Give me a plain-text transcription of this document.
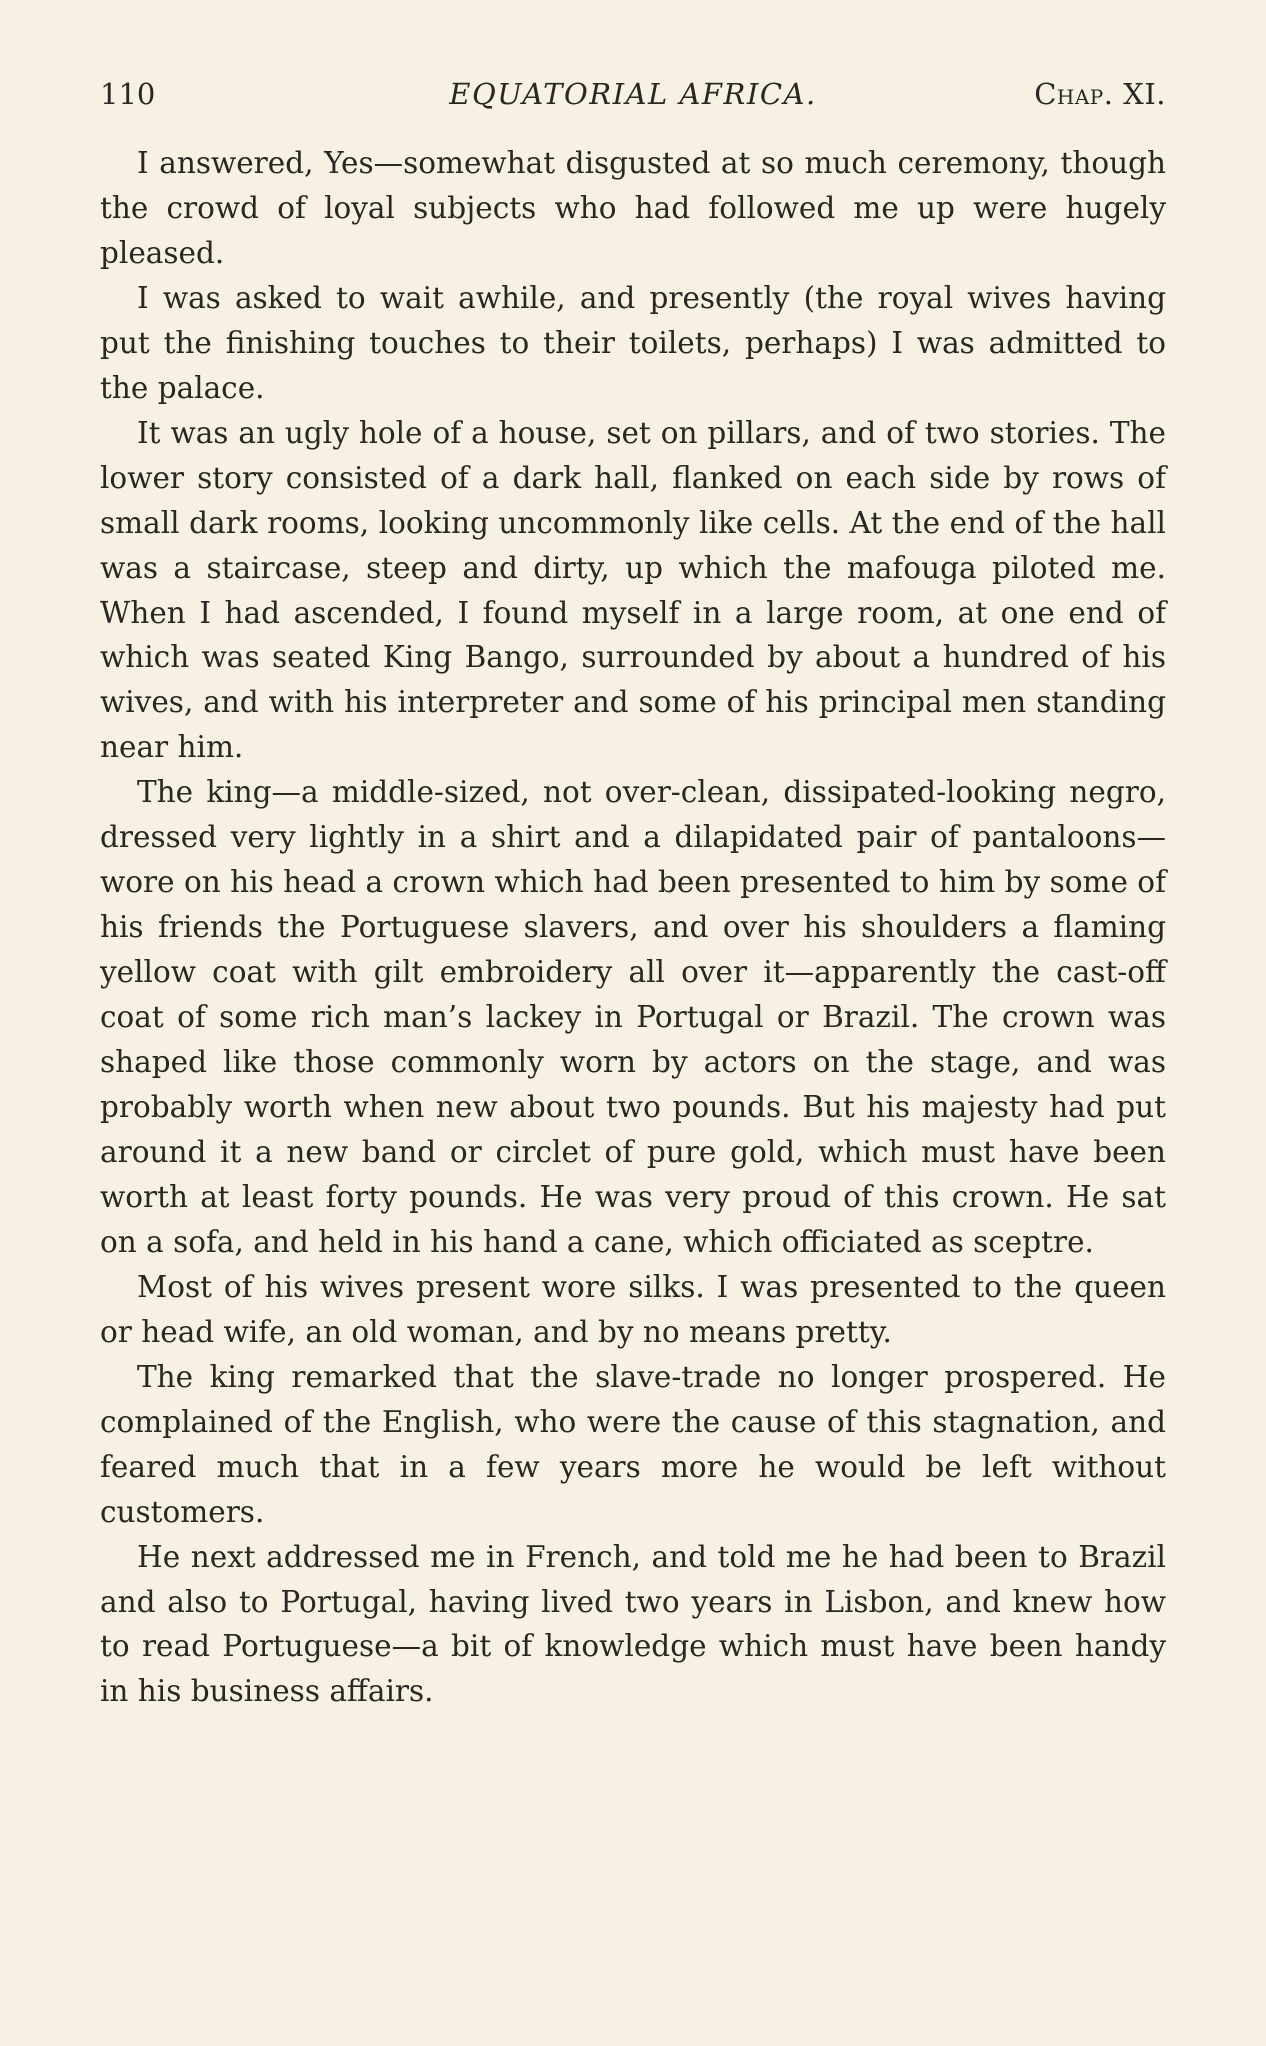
110	EQUATORIAL AFRICA.	Chap. XI.

I answered, Yes—somewhat disgusted at so much ceremony, though the crowd of loyal subjects who had followed me up were hugely pleased.

I was asked to wait awhile, and presently (the royal wives having put the finishing touches to their toilets, perhaps) I was admitted to the palace.

It was an ugly hole of a house, set on pillars, and of two stories. The lower story consisted of a dark hall, flanked on each side by rows of small dark rooms, looking uncommonly like cells. At the end of the hall was a staircase, steep and dirty, up which the mafouga piloted me. When I had ascended, I found myself in a large room, at one end of which was seated King Bango, surrounded by about a hundred of his wives, and with his interpreter and some of his principal men standing near him.

The king—a middle-sized, not over-clean, dissipated-looking negro, dressed very lightly in a shirt and a dilapidated pair of pantaloons—wore on his head a crown which had been presented to him by some of his friends the Portuguese slavers, and over his shoulders a flaming yellow coat with gilt embroidery all over it—apparently the cast-off coat of some rich man’s lackey in Portugal or Brazil. The crown was shaped like those commonly worn by actors on the stage, and was probably worth when new about two pounds. But his majesty had put around it a new band or circlet of pure gold, which must have been worth at least forty pounds. He was very proud of this crown. He sat on a sofa, and held in his hand a cane, which officiated as sceptre.

Most of his wives present wore silks. I was presented to the queen or head wife, an old woman, and by no means pretty.

The king remarked that the slave-trade no longer prospered. He complained of the English, who were the cause of this stagnation, and feared much that in a few years more he would be left without customers.

He next addressed me in French, and told me he had been to Brazil and also to Portugal, having lived two years in Lisbon, and knew how to read Portuguese—a bit of knowledge which must have been handy in his business affairs.
